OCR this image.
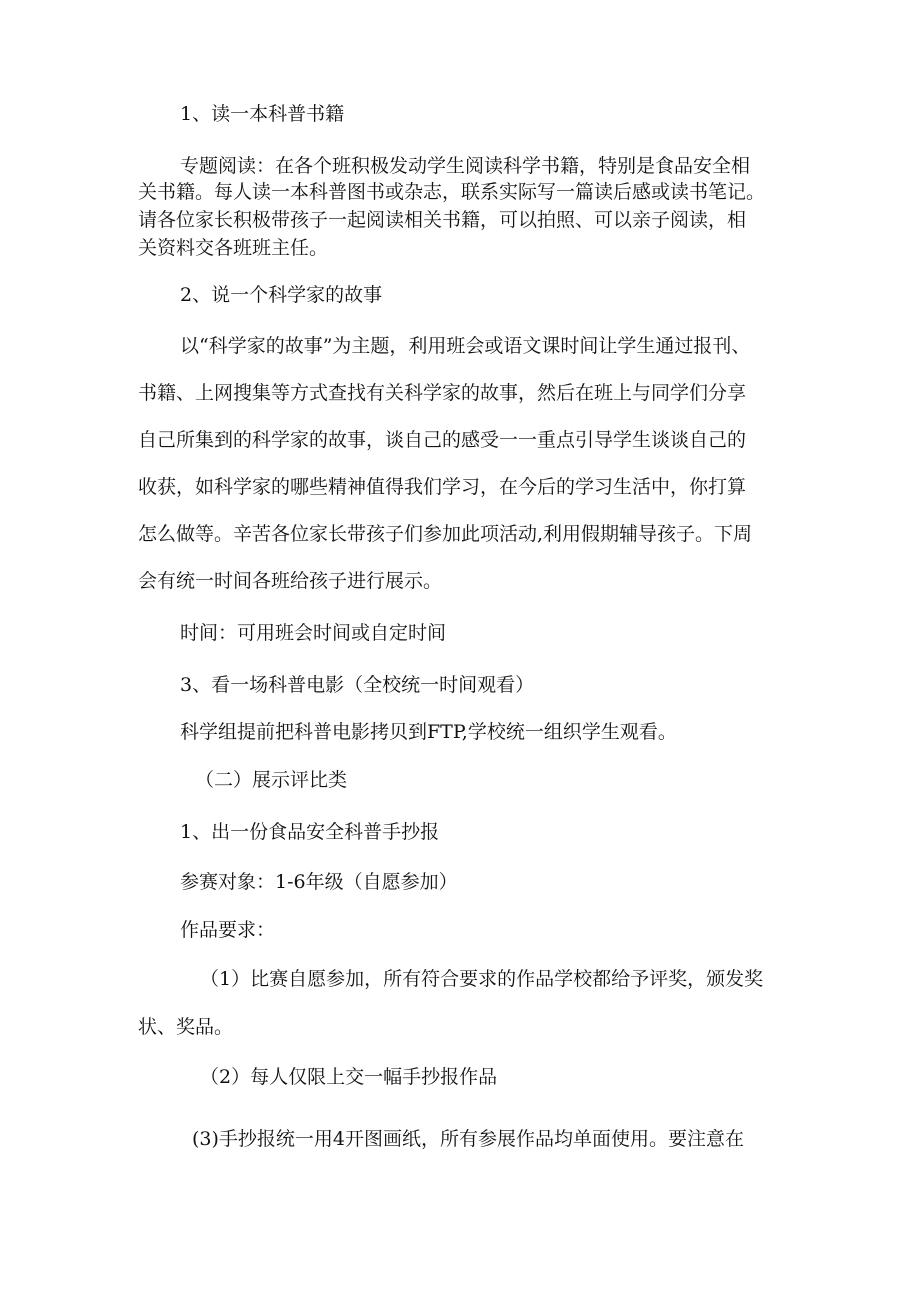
1、读一本科普书籍
专题阅读：在各个班积极发动学生阅读科学书籍，特别是食品安全相
关书籍。每人读一本科普图书或杂志，联系实际写一篇读后感或读书笔记。
请各位家长积极带孩子一起阅读相关书籍，可以拍照、可以亲子阅读，相
关资料交各班班主任。
2、说一个科学家的故事
以“科学家的故事”为主题，利用班会或语文课时间让学生通过报刊、
书籍、上网搜集等方式查找有关科学家的故事，然后在班上与同学们分享
自己所集到的科学家的故事，谈自己的感受一一重点引导学生谈谈自己的
收获，如科学家的哪些精神值得我们学习，在今后的学习生活中，你打算
怎么做等。辛苦各位家长带孩子们参加此项活动,利用假期辅导孩子。下周
会有统一时间各班给孩子进行展示。
时间：可用班会时间或自定时间
3、看一场科普电影（全校统一时间观看）
科学组提前把科普电影拷贝到FTP,学校统一组织学生观看。
（二）展示评比类
1、出一份食品安全科普手抄报
参赛对象：1-6年级（自愿参加）
作品要求：
（1）比赛自愿参加，所有符合要求的作品学校都给予评奖，颁发奖
状、奖品。
（2）每人仅限上交一幅手抄报作品
(3)手抄报统一用4开图画纸，所有参展作品均单面使用。要注意在
